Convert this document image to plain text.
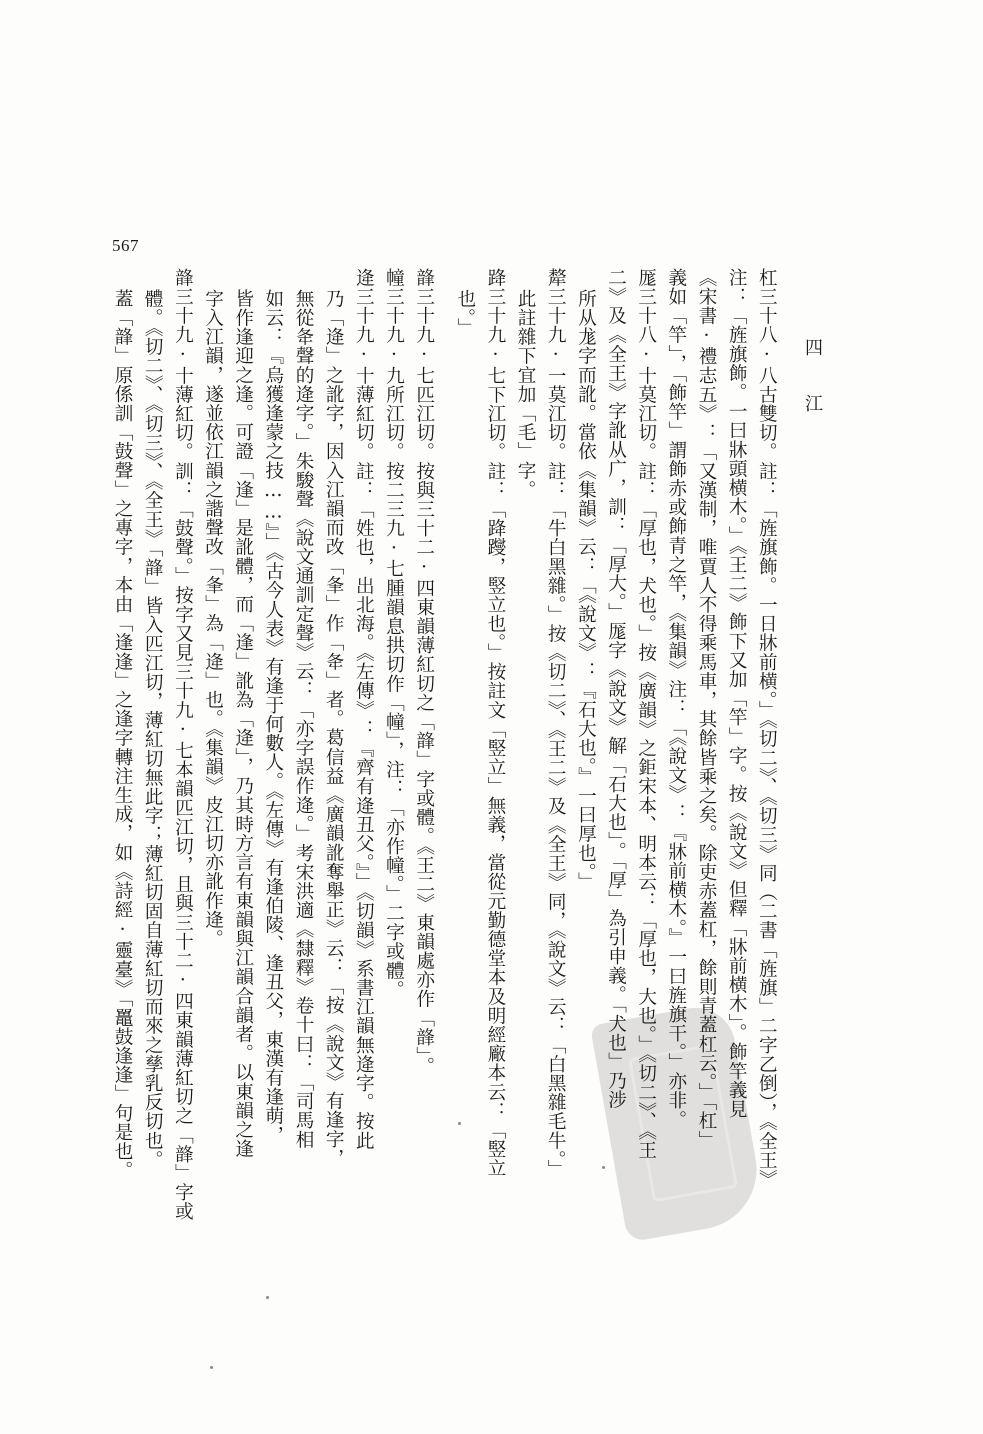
567
四　江
杠三十八·八古雙切。註：「旌旗飾。一日牀前横。」《切二》、《切三》同（二書「旌旗」二字乙倒），《全王》
注：「旌旗飾。一曰牀頭横木。」《王二》飾下又加「竿」字。按《說文》但釋「牀前横木」。飾竿義見
《宋書·禮志五》：「又漢制，唯賈人不得乘馬車，其餘皆乘之矣。除吏赤蓋杠，餘則青蓋杠云。」「杠」
義如「竿」，「飾竿」謂飾赤或飾青之竿，《集韻》注：「《說文》：『牀前横木。』一曰旌旗干。」亦非。
厖三十八·十莫江切。註：「厚也，犬也。」按《廣韻》之鉅宋本、明本云：「厚也，大也。」《切二》、《王
二》及《全王》字訛从广，訓：「厚大。」厖字《說文》解「石大也」。「厚」為引申義。「犬也」乃涉
所从尨字而訛。當依《集韻》云：「《說文》：『石大也。』一曰厚也。」
犛三十九·一莫江切。註：「牛白黑雜。」按《切二》、《王二》及《全王》同，《說文》云：「白黑雜毛牛。」
此註雜下宜加「毛」字。
跭三十九·七下江切。註：「跭躞，竪立也。」按註文「竪立」無義，當從元勤德堂本及明經廠本云：「竪立
也。」
韸三十九·七匹江切。按與三十二·四東韻薄紅切之「韸」字或體。《王二》東韻處亦作「韸」。
幢三十九·九所江切。按二三九·七腫韻息拱切作「幢」，注：「亦作幢。」二字或體。
逄三十九·十薄紅切。註：「姓也，出北海。《左傳》：『齊有逄丑父。』」《切韻》系書江韻無逄字。按此
乃「逄」之訛字，因入江韻而改「夆」作「夅」者。葛信益《廣韻訛奪舉正》云：「按《說文》有逢字，
無從夅聲的逄字。」朱駿聲《說文通訓定聲》云：「亦字誤作逄。」考宋洪適《隸釋》卷十曰：「司馬相
如云：『烏獲逢蒙之技……』」《古今人表》有逢于何數人。《左傳》有逢伯陵、逢丑父，東漢有逢萌，
皆作逢迎之逢。可證「逢」是訛體，而「逢」訛為「逄」，乃其時方言有東韻與江韻合韻者。以東韻之逢
字入江韻，遂並依江韻之諧聲改「夆」為「逄」也。《集韻》皮江切亦訛作逄。
韸三十九·十薄紅切。訓：「鼓聲。」按字又見三十九·七本韻匹江切，且與三十二·四東韻薄紅切之「韸」字或
體。《切二》、《切三》、《全王》「韸」皆入匹江切，薄紅切無此字；薄紅切固自薄紅切而來之孳乳反切也。
蓋「韸」原係訓「鼓聲」之專字，本由「逢逢」之逢字轉注生成，如《詩經·靈臺》「鼉鼓逢逢」句是也。
